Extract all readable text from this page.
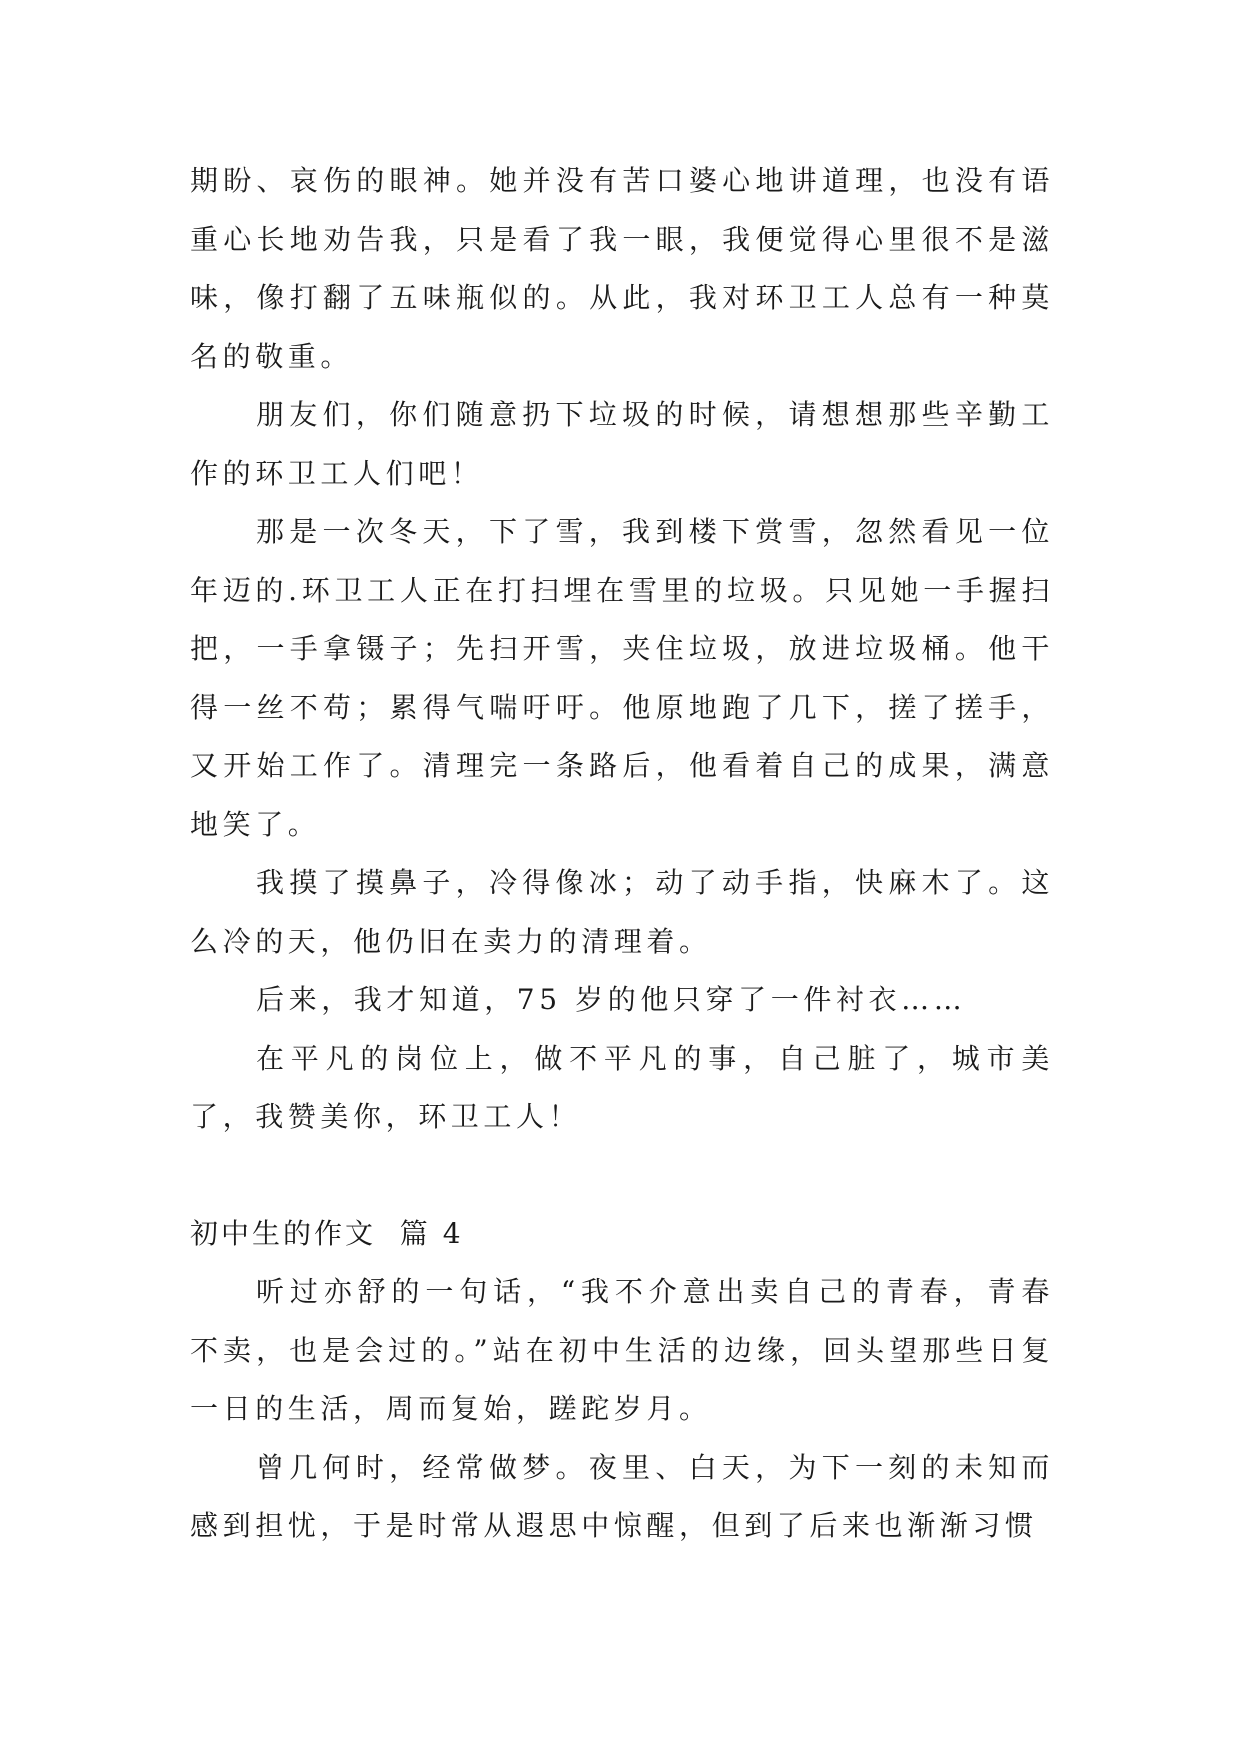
期盼、哀伤的眼神。她并没有苦口婆心地讲道理，也没有语重心长地劝告我，只是看了我一眼，我便觉得心里很不是滋味，像打翻了五味瓶似的。从此，我对环卫工人总有一种莫名的敬重。

朋友们，你们随意扔下垃圾的时候，请想想那些辛勤工作的环卫工人们吧！

那是一次冬天，下了雪，我到楼下赏雪，忽然看见一位年迈的.环卫工人正在打扫埋在雪里的垃圾。只见她一手握扫把，一手拿镊子；先扫开雪，夹住垃圾，放进垃圾桶。他干得一丝不苟；累得气喘吁吁。他原地跑了几下，搓了搓手，又开始工作了。清理完一条路后，他看着自己的成果，满意地笑了。

我摸了摸鼻子，冷得像冰；动了动手指，快麻木了。这么冷的天，他仍旧在卖力的清理着。

后来，我才知道，75 岁的他只穿了一件衬衣……

在平凡的岗位上，做不平凡的事，自己脏了，城市美了，我赞美你，环卫工人！

初中生的作文  篇 4

听过亦舒的一句话，“我不介意出卖自己的青春，青春不卖，也是会过的。”站在初中生活的边缘，回头望那些日复一日的生活，周而复始，蹉跎岁月。

曾几何时，经常做梦。夜里、白天，为下一刻的未知而感到担忧，于是时常从遐思中惊醒，但到了后来也渐渐习惯
